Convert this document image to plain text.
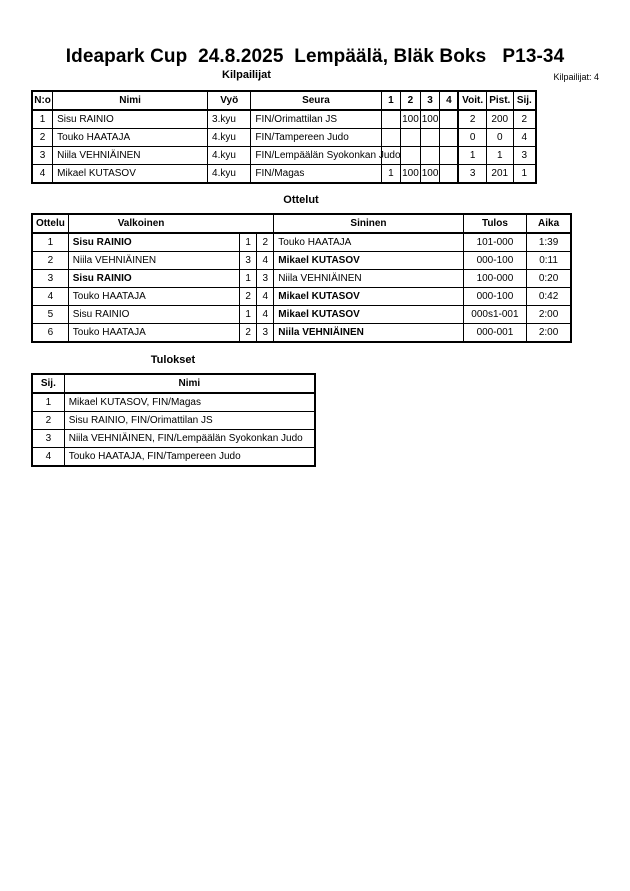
Ideapark Cup  24.8.2025  Lempäälä, Bläk Boks   P13-34
Kilpailijat	Kilpailijat: 4
N:o	Nimi	Vyö	Seura	1	2	3	4	Voit.	Pist.	Sij.
1	Sisu RAINIO	3.kyu	FIN/Orimattilan JS		100	100		2	200	2
2	Touko HAATAJA	4.kyu	FIN/Tampereen Judo					0	0	4
3	Niila VEHNIÄINEN	4.kyu	FIN/Lempäälän Syokonkan Judo					1	1	3
4	Mikael KUTASOV	4.kyu	FIN/Magas	1	100	100		3	201	1
Ottelut
Ottelu	Valkoinen			Sininen	Tulos	Aika
1	Sisu RAINIO	1	2	Touko HAATAJA	101-000	1:39
2	Niila VEHNIÄINEN	3	4	Mikael KUTASOV	000-100	0:11
3	Sisu RAINIO	1	3	Niila VEHNIÄINEN	100-000	0:20
4	Touko HAATAJA	2	4	Mikael KUTASOV	000-100	0:42
5	Sisu RAINIO	1	4	Mikael KUTASOV	000s1-001	2:00
6	Touko HAATAJA	2	3	Niila VEHNIÄINEN	000-001	2:00
Tulokset
Sij.	Nimi
1	Mikael KUTASOV, FIN/Magas
2	Sisu RAINIO, FIN/Orimattilan JS
3	Niila VEHNIÄINEN, FIN/Lempäälän Syokonkan Judo
4	Touko HAATAJA, FIN/Tampereen Judo
